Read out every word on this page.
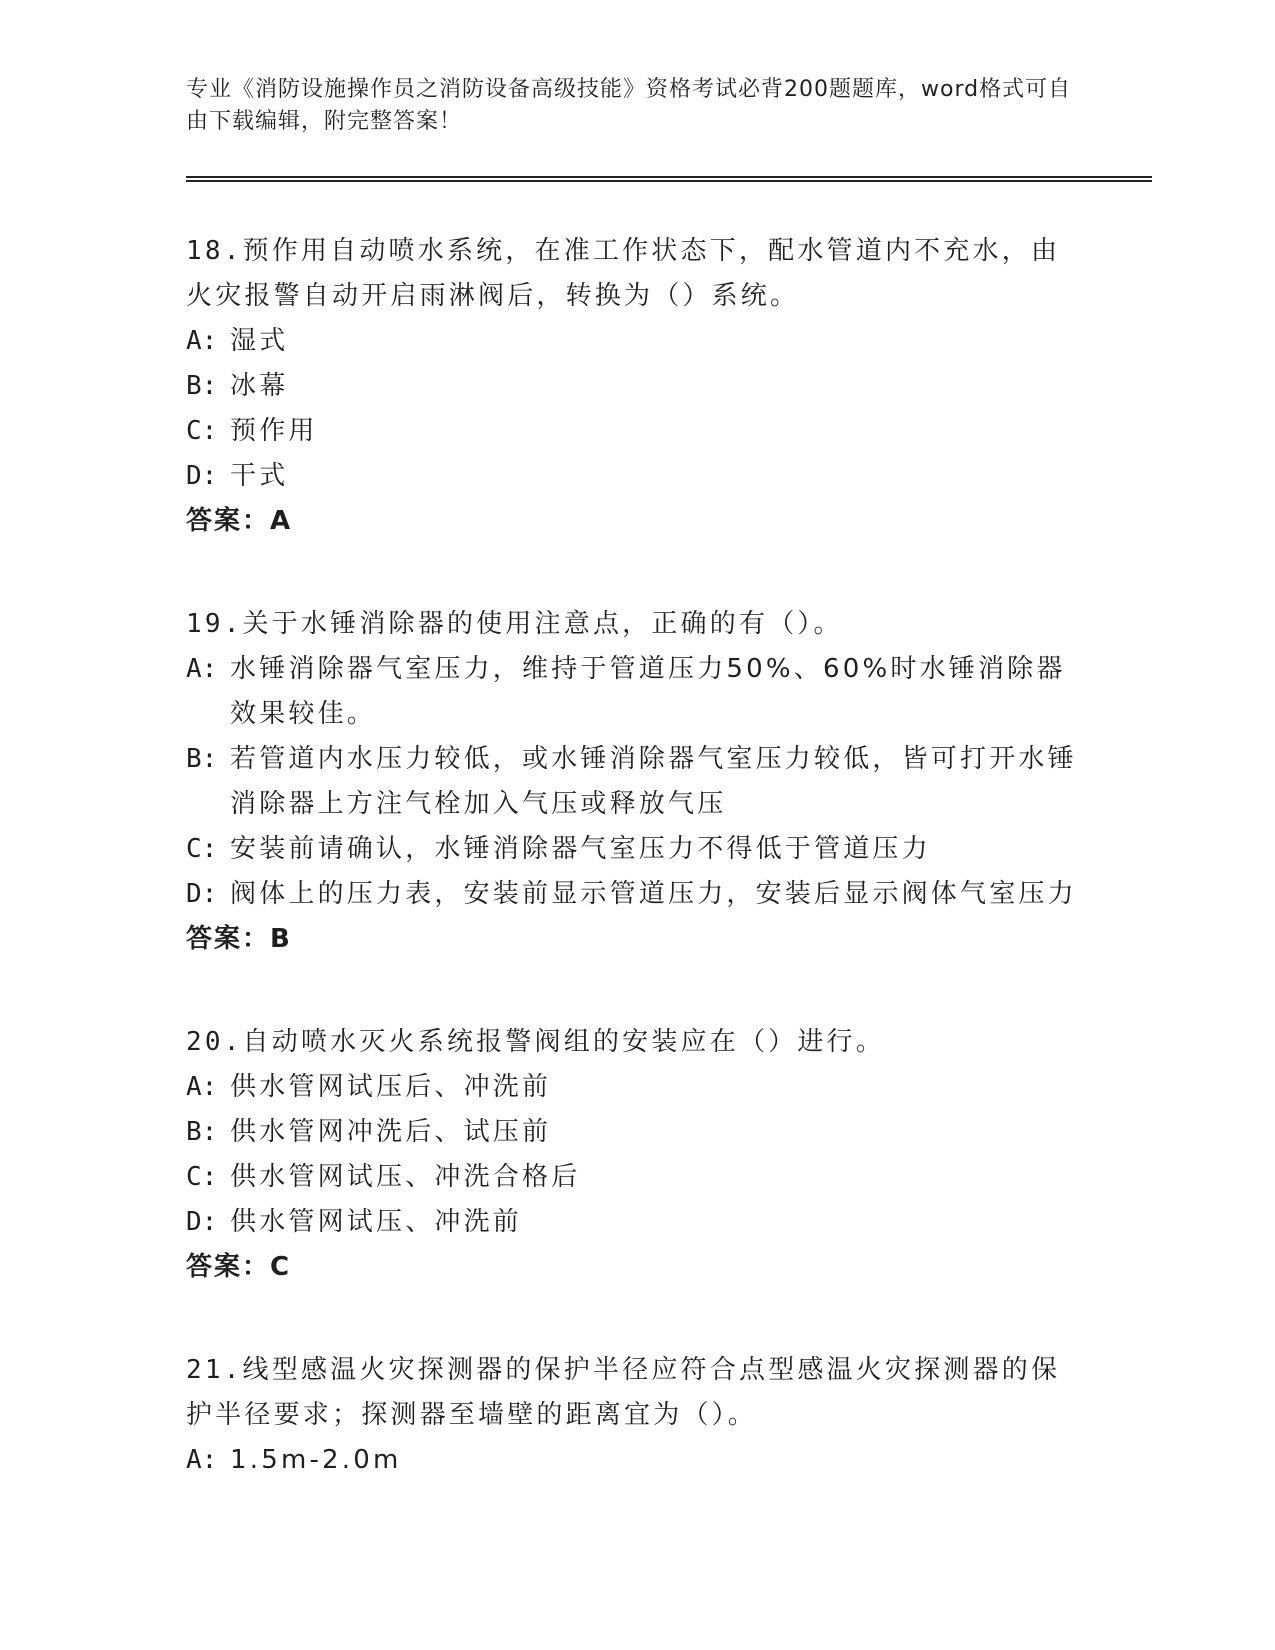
专业《消防设施操作员之消防设备高级技能》资格考试必背200题题库，word格式可自由下载编辑，附完整答案！
18.预作用自动喷水系统，在准工作状态下，配水管道内不充水，由火灾报警自动开启雨淋阀后，转换为（）系统。
A: 湿式
B: 冰幕
C: 预作用
D: 干式
答案：A
19.关于水锤消除器的使用注意点，正确的有（）。
A: 水锤消除器气室压力，维持于管道压力50%、60%时水锤消除器效果较佳。
B: 若管道内水压力较低，或水锤消除器气室压力较低，皆可打开水锤消除器上方注气栓加入气压或释放气压
C: 安装前请确认，水锤消除器气室压力不得低于管道压力
D: 阀体上的压力表，安装前显示管道压力，安装后显示阀体气室压力
答案：B
20.自动喷水灭火系统报警阀组的安装应在（）进行。
A: 供水管网试压后、冲洗前
B: 供水管网冲洗后、试压前
C: 供水管网试压、冲洗合格后
D: 供水管网试压、冲洗前
答案：C
21.线型感温火灾探测器的保护半径应符合点型感温火灾探测器的保护半径要求；探测器至墙壁的距离宜为（）。
A: 1.5m-2.0m
